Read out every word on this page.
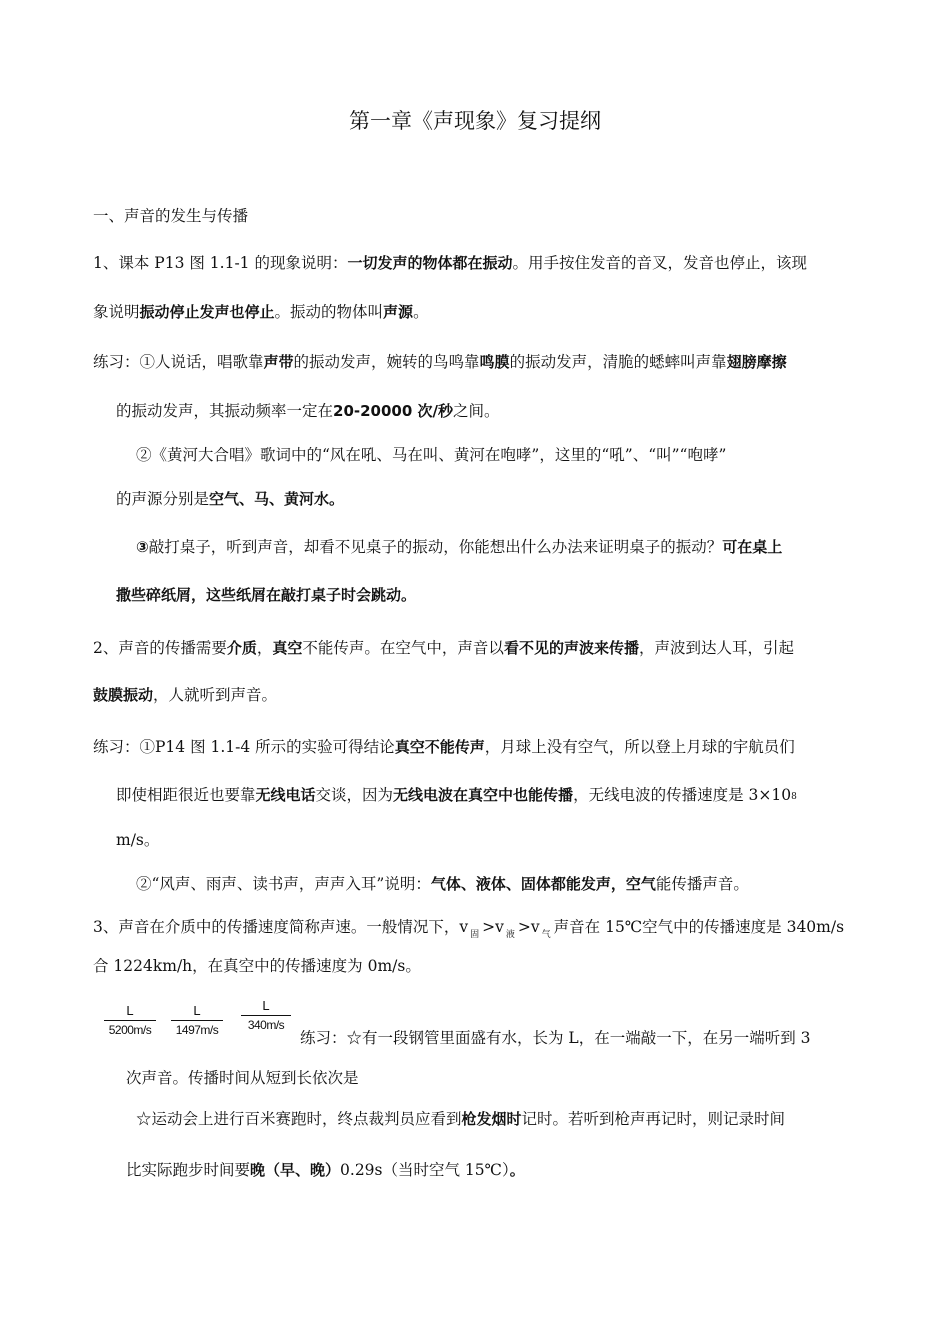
第一章《声现象》复习提纲
一、声音的发生与传播
1、课本 P13 图 1.1-1 的现象说明：一切发声的物体都在振动。用手按住发音的音叉，发音也停止，该现
象说明振动停止发声也停止。振动的物体叫声源。
练习：①人说话，唱歌靠声带的振动发声，婉转的鸟鸣靠鸣膜的振动发声，清脆的蟋蟀叫声靠翅膀摩擦
的振动发声，其振动频率一定在20-20000 次/秒之间。
②《黄河大合唱》歌词中的“风在吼、马在叫、黄河在咆哮”，这里的“吼”、“叫”“咆哮”
的声源分别是空气、马、黄河水。
③敲打桌子，听到声音，却看不见桌子的振动，你能想出什么办法来证明桌子的振动？可在桌上
撒些碎纸屑，这些纸屑在敲打桌子时会跳动。
2、声音的传播需要介质，真空不能传声。在空气中，声音以看不见的声波来传播，声波到达人耳，引起
鼓膜振动，人就听到声音。
练习：①P14 图 1.1-4 所示的实验可得结论真空不能传声，月球上没有空气，所以登上月球的宇航员们
即使相距很近也要靠无线电话交谈，因为无线电波在真空中也能传播，无线电波的传播速度是 3×108
m/s。
②“风声、雨声、读书声，声声入耳”说明：气体、液体、固体都能发声，空气能传播声音。
3、声音在介质中的传播速度简称声速。一般情况下，v $_固$ >v $_液$ >v $_气$ 声音在 15℃空气中的传播速度是 340m/s
合 1224km/h，在真空中的传播速度为 0m/s。
L
5200m/s
L
1497m/s
L
340m/s
练习：☆有一段钢管里面盛有水，长为 L，在一端敲一下，在另一端听到 3
次声音。传播时间从短到长依次是
☆运动会上进行百米赛跑时，终点裁判员应看到枪发烟时记时。若听到枪声再记时，则记录时间
比实际跑步时间要晚（早、晚）0.29s（当时空气 15℃）。
